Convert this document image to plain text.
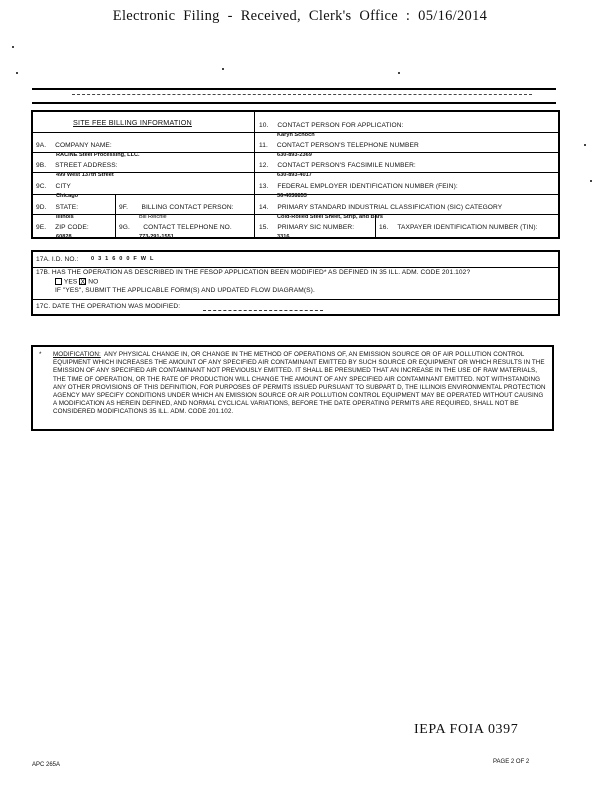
Electronic Filing - Received, Clerk's Office : 05/16/2014
SITE FEE BILLING INFORMATION
9A. COMPANY NAME:
RACINE Steel Processing, LLC.
9B. STREET ADDRESS:
499 West 137th Street
9C. CITY
Chicago
9D. STATE:
Illinois
9E. ZIP CODE:
60828
9F. BILLING CONTACT PERSON:
Bill Reichle
9G. CONTACT TELEPHONE NO.
773-291-1551
10. CONTACT PERSON FOR APPLICATION:
Karyn Schoch
11. CONTACT PERSON'S TELEPHONE NUMBER
630-893-2369
12. CONTACT PERSON'S FACSIMILE NUMBER:
630-893-4017
13. FEDERAL EMPLOYER IDENTIFICATION NUMBER (FEIN):
36-4038853
14. PRIMARY STANDARD INDUSTRIAL CLASSIFICATION (SIC) CATEGORY
Cold-Rolled Steel Sheet, Strip, and Bars
15. PRIMARY SIC NUMBER:
3316
16. TAXPAYER IDENTIFICATION NUMBER (TIN):
17A. I.D. NO.: 0 3 1 6 0 0 F W L
17B. HAS THE OPERATION AS DESCRIBED IN THE FESOP APPLICATION BEEN MODIFIED* AS DEFINED IN 35 ILL. ADM. CODE 201.102?
YES X NO
IF "YES", SUBMIT THE APPLICABLE FORM(S) AND UPDATED FLOW DIAGRAM(S).
17C. DATE THE OPERATION WAS MODIFIED:
*	MODIFICATION: ANY PHYSICAL CHANGE IN, OR CHANGE IN THE METHOD OF OPERATIONS OF, AN EMISSION SOURCE OR OF AIR POLLUTION CONTROL EQUIPMENT WHICH INCREASES THE AMOUNT OF ANY SPECIFIED AIR CONTAMINANT EMITTED BY SUCH SOURCE OR EQUIPMENT OR WHICH RESULTS IN THE EMISSION OF ANY SPECIFIED AIR CONTAMINANT NOT PREVIOUSLY EMITTED. IT SHALL BE PRESUMED THAT AN INCREASE IN THE USE OF RAW MATERIALS, THE TIME OF OPERATION, OR THE RATE OF PRODUCTION WILL CHANGE THE AMOUNT OF ANY SPECIFIED AIR CONTAMINANT EMITTED. NOT WITHSTANDING ANY OTHER PROVISIONS OF THIS DEFINITION, FOR PURPOSES OF PERMITS ISSUED PURSUANT TO SUBPART D, THE ILLINOIS ENVIRONMENTAL PROTECTION AGENCY MAY SPECIFY CONDITIONS UNDER WHICH AN EMISSION SOURCE OR AIR POLLUTION CONTROL EQUIPMENT MAY BE OPERATED WITHOUT CAUSING A MODIFICATION AS HEREIN DEFINED, AND NORMAL CYCLICAL VARIATIONS, BEFORE THE DATE OPERATING PERMITS ARE REQUIRED, SHALL NOT BE CONSIDERED MODIFICATIONS 35 ILL. ADM. CODE 201.102.
IEPA FOIA 0397
APC 265A	PAGE 2 OF 2
